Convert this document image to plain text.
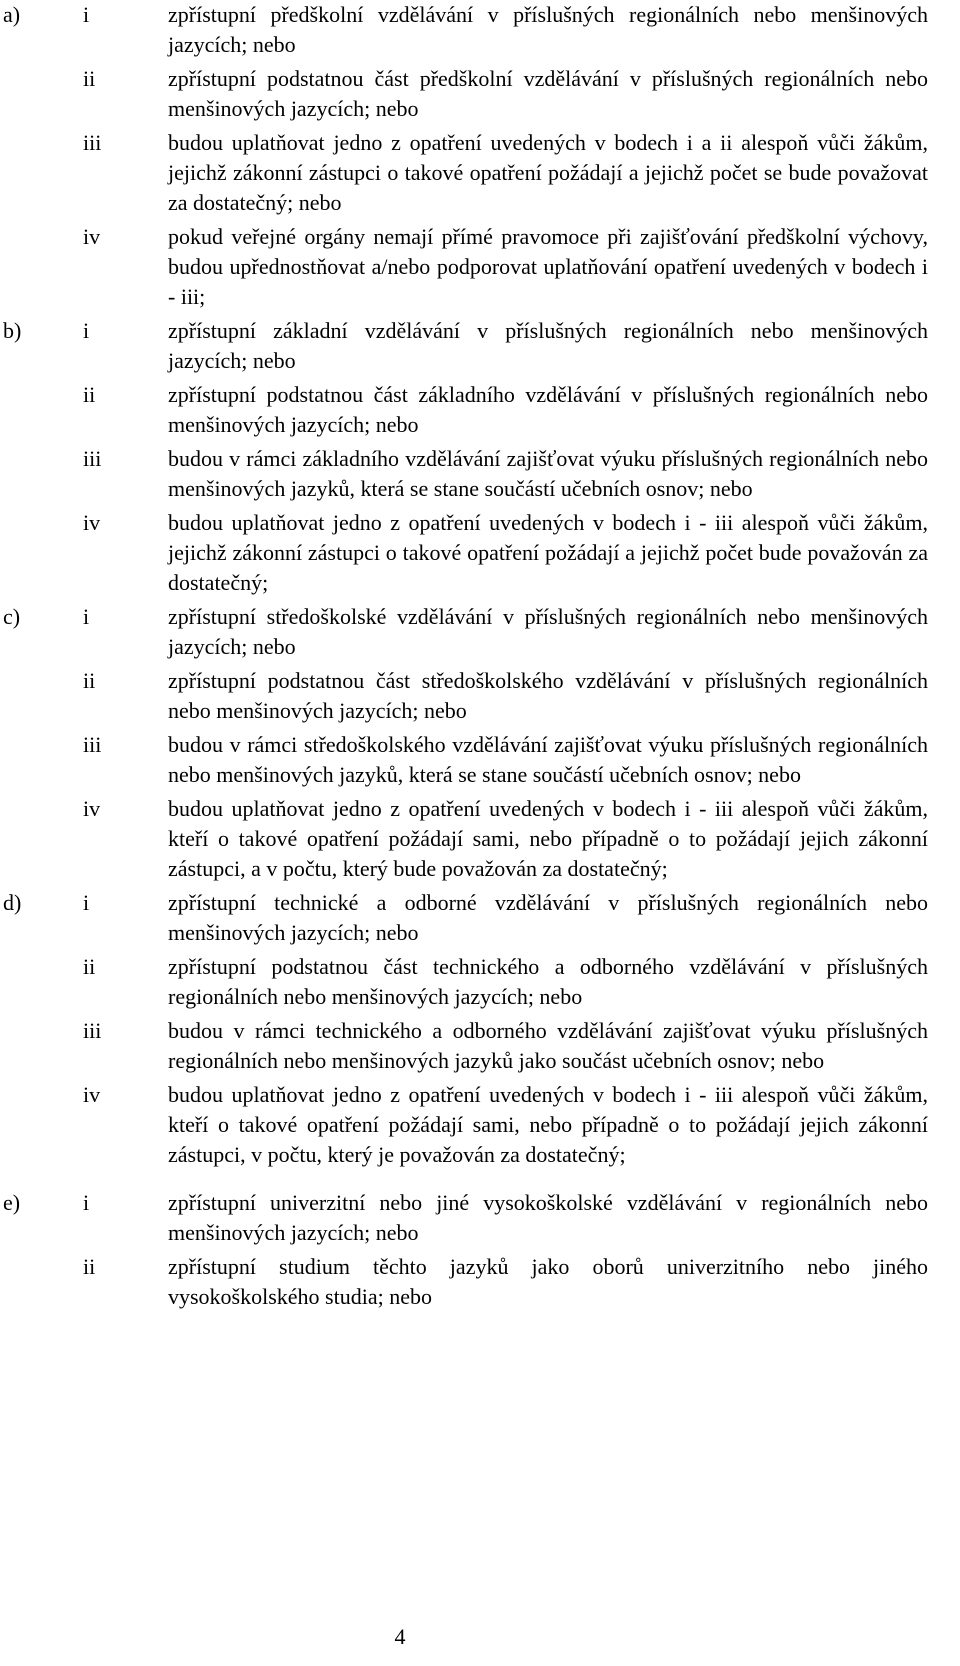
a)	i	zpřístupní předškolní vzdělávání v příslušných regionálních nebo menšinových jazycích; nebo
ii	zpřístupní podstatnou část předškolní vzdělávání v příslušných regionálních nebo menšinových jazycích; nebo
iii	budou uplatňovat jedno z opatření uvedených v bodech i a ii alespoň vůči žákům, jejichž zákonní zástupci o takové opatření požádají a jejichž počet se bude považovat za dostatečný; nebo
iv	pokud veřejné orgány nemají přímé pravomoce při zajišťování předškolní výchovy, budou upřednostňovat a/nebo podporovat uplatňování opatření uvedených v bodech i - iii;
b)	i	zpřístupní základní vzdělávání v příslušných regionálních nebo menšinových jazycích; nebo
ii	zpřístupní podstatnou část základního vzdělávání v příslušných regionálních nebo menšinových jazycích; nebo
iii	budou v rámci základního vzdělávání zajišťovat výuku příslušných regionálních nebo menšinových jazyků, která se stane součástí učebních osnov; nebo
iv	budou uplatňovat jedno z opatření uvedených v bodech i - iii alespoň vůči žákům, jejichž zákonní zástupci o takové opatření požádají a jejichž počet bude považován za dostatečný;
c)	i	zpřístupní středoškolské vzdělávání v příslušných regionálních nebo menšinových jazycích; nebo
ii	zpřístupní podstatnou část středoškolského vzdělávání v příslušných regionálních nebo menšinových jazycích; nebo
iii	budou v rámci středoškolského vzdělávání zajišťovat výuku příslušných regionálních nebo menšinových jazyků, která se stane součástí učebních osnov; nebo
iv	budou uplatňovat jedno z opatření uvedených v bodech i - iii alespoň vůči žákům, kteří o takové opatření požádají sami, nebo případně o to požádají jejich zákonní zástupci, a v počtu, který bude považován za dostatečný;
d)	i	zpřístupní technické a odborné vzdělávání v příslušných regionálních nebo menšinových jazycích; nebo
ii	zpřístupní podstatnou část technického a odborného vzdělávání v příslušných regionálních nebo menšinových jazycích; nebo
iii	budou v rámci technického a odborného vzdělávání zajišťovat výuku příslušných regionálních nebo menšinových jazyků jako součást učebních osnov; nebo
iv	budou uplatňovat jedno z opatření uvedených v bodech i - iii alespoň vůči žákům, kteří o takové opatření požádají sami, nebo případně o to požádají jejich zákonní zástupci, v počtu, který je považován za dostatečný;
e)	i	zpřístupní univerzitní nebo jiné vysokoškolské vzdělávání v regionálních nebo menšinových jazycích; nebo
ii	zpřístupní studium těchto jazyků jako oborů univerzitního nebo jiného vysokoškolského studia; nebo
4
